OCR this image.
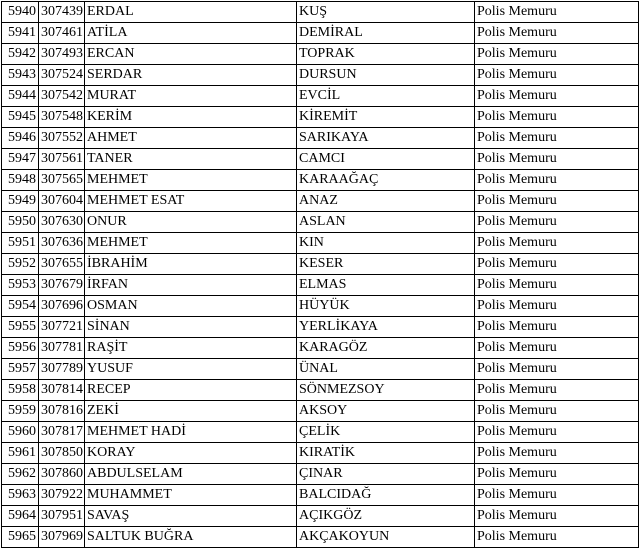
5940	307439	ERDAL	KUŞ	Polis Memuru
5941	307461	ATİLA	DEMİRAL	Polis Memuru
5942	307493	ERCAN	TOPRAK	Polis Memuru
5943	307524	SERDAR	DURSUN	Polis Memuru
5944	307542	MURAT	EVCİL	Polis Memuru
5945	307548	KERİM	KİREMİT	Polis Memuru
5946	307552	AHMET	SARIKAYA	Polis Memuru
5947	307561	TANER	CAMCI	Polis Memuru
5948	307565	MEHMET	KARAAĞAÇ	Polis Memuru
5949	307604	MEHMET ESAT	ANAZ	Polis Memuru
5950	307630	ONUR	ASLAN	Polis Memuru
5951	307636	MEHMET	KIN	Polis Memuru
5952	307655	İBRAHİM	KESER	Polis Memuru
5953	307679	İRFAN	ELMAS	Polis Memuru
5954	307696	OSMAN	HÜYÜK	Polis Memuru
5955	307721	SİNAN	YERLİKAYA	Polis Memuru
5956	307781	RAŞİT	KARAGÖZ	Polis Memuru
5957	307789	YUSUF	ÜNAL	Polis Memuru
5958	307814	RECEP	SÖNMEZSOY	Polis Memuru
5959	307816	ZEKİ	AKSOY	Polis Memuru
5960	307817	MEHMET HADİ	ÇELİK	Polis Memuru
5961	307850	KORAY	KIRATİK	Polis Memuru
5962	307860	ABDULSELAM	ÇINAR	Polis Memuru
5963	307922	MUHAMMET	BALCIDAĞ	Polis Memuru
5964	307951	SAVAŞ	AÇIKGÖZ	Polis Memuru
5965	307969	SALTUK BUĞRA	AKÇAKOYUN	Polis Memuru
